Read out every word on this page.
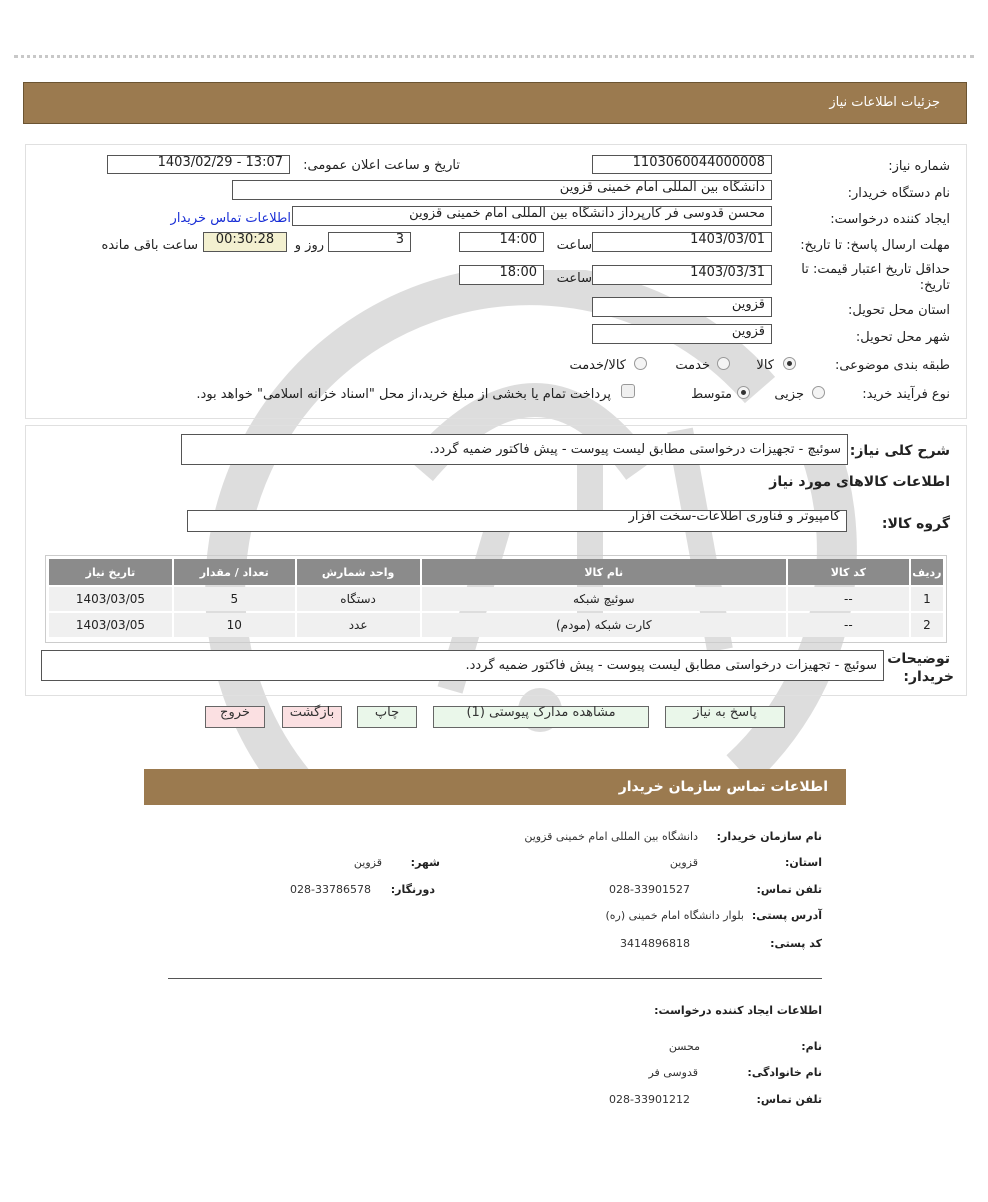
جزئیات اطلاعات نیاز
شماره نیاز:
1103060044000008
تاریخ و ساعت اعلان عمومی:
1403/02/29 - 13:07
نام دستگاه خریدار:
دانشگاه بین المللی امام خمینی قزوین
ایجاد کننده درخواست:
محسن قدوسی فر کارپرداز دانشگاه بین المللی امام خمینی قزوین
اطلاعات تماس خریدار
مهلت ارسال پاسخ: تا تاریخ:
1403/03/01
ساعت
14:00
3
روز و
00:30:28
ساعت باقی مانده
حداقل تاریخ اعتبار قیمت: تا تاریخ:
1403/03/31
ساعت
18:00
استان محل تحویل:
قزوین
شهر محل تحویل:
قزوین
طبقه بندی موضوعی:
کالا
خدمت
کالا/خدمت
نوع فرآیند خرید:
جزیی
متوسط
پرداخت تمام یا بخشی از مبلغ خرید،از محل "اسناد خزانه اسلامی" خواهد بود.
شرح کلی نیاز:
سوئیچ - تجهیزات درخواستی مطابق لیست پیوست - پیش فاکتور ضمیه گردد.
اطلاعات کالاهای مورد نیاز
گروه کالا:
کامپیوتر و فناوری اطلاعات-سخت افزار
ردیف	کد کالا	نام کالا	واحد شمارش	تعداد / مقدار	تاریخ نیاز
1	--	سوئیچ شبکه	دستگاه	5	1403/03/05
2	--	کارت شبکه (مودم)	عدد	10	1403/03/05
توضیحات
خریدار:
سوئیچ - تجهیزات درخواستی مطابق لیست پیوست - پیش فاکتور ضمیه گردد.
پاسخ به نیاز
مشاهده مدارک پیوستی (1)
چاپ
بازگشت
خروج
اطلاعات تماس سازمان خریدار
نام سازمان خریدار:
دانشگاه بین المللی امام خمینی قزوین
استان:
قزوین
شهر:
قزوین
تلفن تماس:
028-33901527
دورنگار:
028-33786578
آدرس پستی:
بلوار دانشگاه امام خمینی (ره)
کد پستی:
3414896818
اطلاعات ایجاد کننده درخواست:
نام:
محسن
نام خانوادگی:
قدوسی فر
تلفن تماس:
028-33901212
